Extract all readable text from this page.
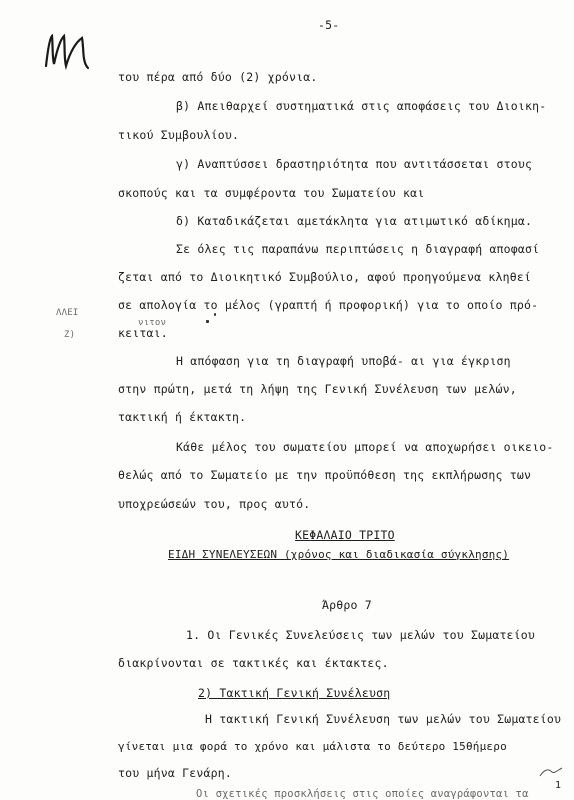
-5-
του πέρα από δύο (2) χρόνια.
β) Απειθαρχεί συστηματικά στις αποφάσεις του Διοικη-
τικού Συμβουλίου.
γ) Αναπτύσσει δραστηριότητα που αντιτάσσεται στους
σκοπούς και τα συμφέροντα του Σωματείου και
δ) Καταδικάζεται αμετάκλητα για ατιμωτικό αδίκημα.
Σε όλες τις παραπάνω περιπτώσεις η διαγραφή αποφασί
ζεται από το Διοικητικό Συμβούλιο, αφού προηγούμενα κληθεί
σε απολογία το μέλος (γραπτή ή προφορική) για το οποίο πρό-
κειται.
Η απόφαση για τη διαγραφή υποβά- αι για έγκριση
στην πρώτη, μετά τη λήψη της Γενική Συνέλευση των μελών,
τακτική ή έκτακτη.
Κάθε μέλος του σωματείου μπορεί να αποχωρήσει οικειο-
θελώς από το Σωματείο με την προϋπόθεση της εκπλήρωσης των
υποχρεώσεών του, προς αυτό.
ΛΛΕΙ
Ζ)
νιτον
ΚΕΦΑΛΑΙΟ ΤΡΙΤΟ
ΕΙΔΗ ΣΥΝΕΛΕΥΣΕΩΝ (χρόνος και διαδικασία σύγκλησης)
Άρθρο 7
1. Οι Γενικές Συνελεύσεις των μελών του Σωματείου
διακρίνονται σε τακτικές και έκτακτες.
2) Τακτική Γενική Συνέλευση
Η τακτική Γενική Συνέλευση των μελών του Σωματείου
γίνεται μια φορά το χρόνο και μάλιστα το δεύτερο 15θήμερο
του μήνα Γενάρη.
Οι σχετικές προσκλήσεις στις οποίες αναγράφονται τα
1
